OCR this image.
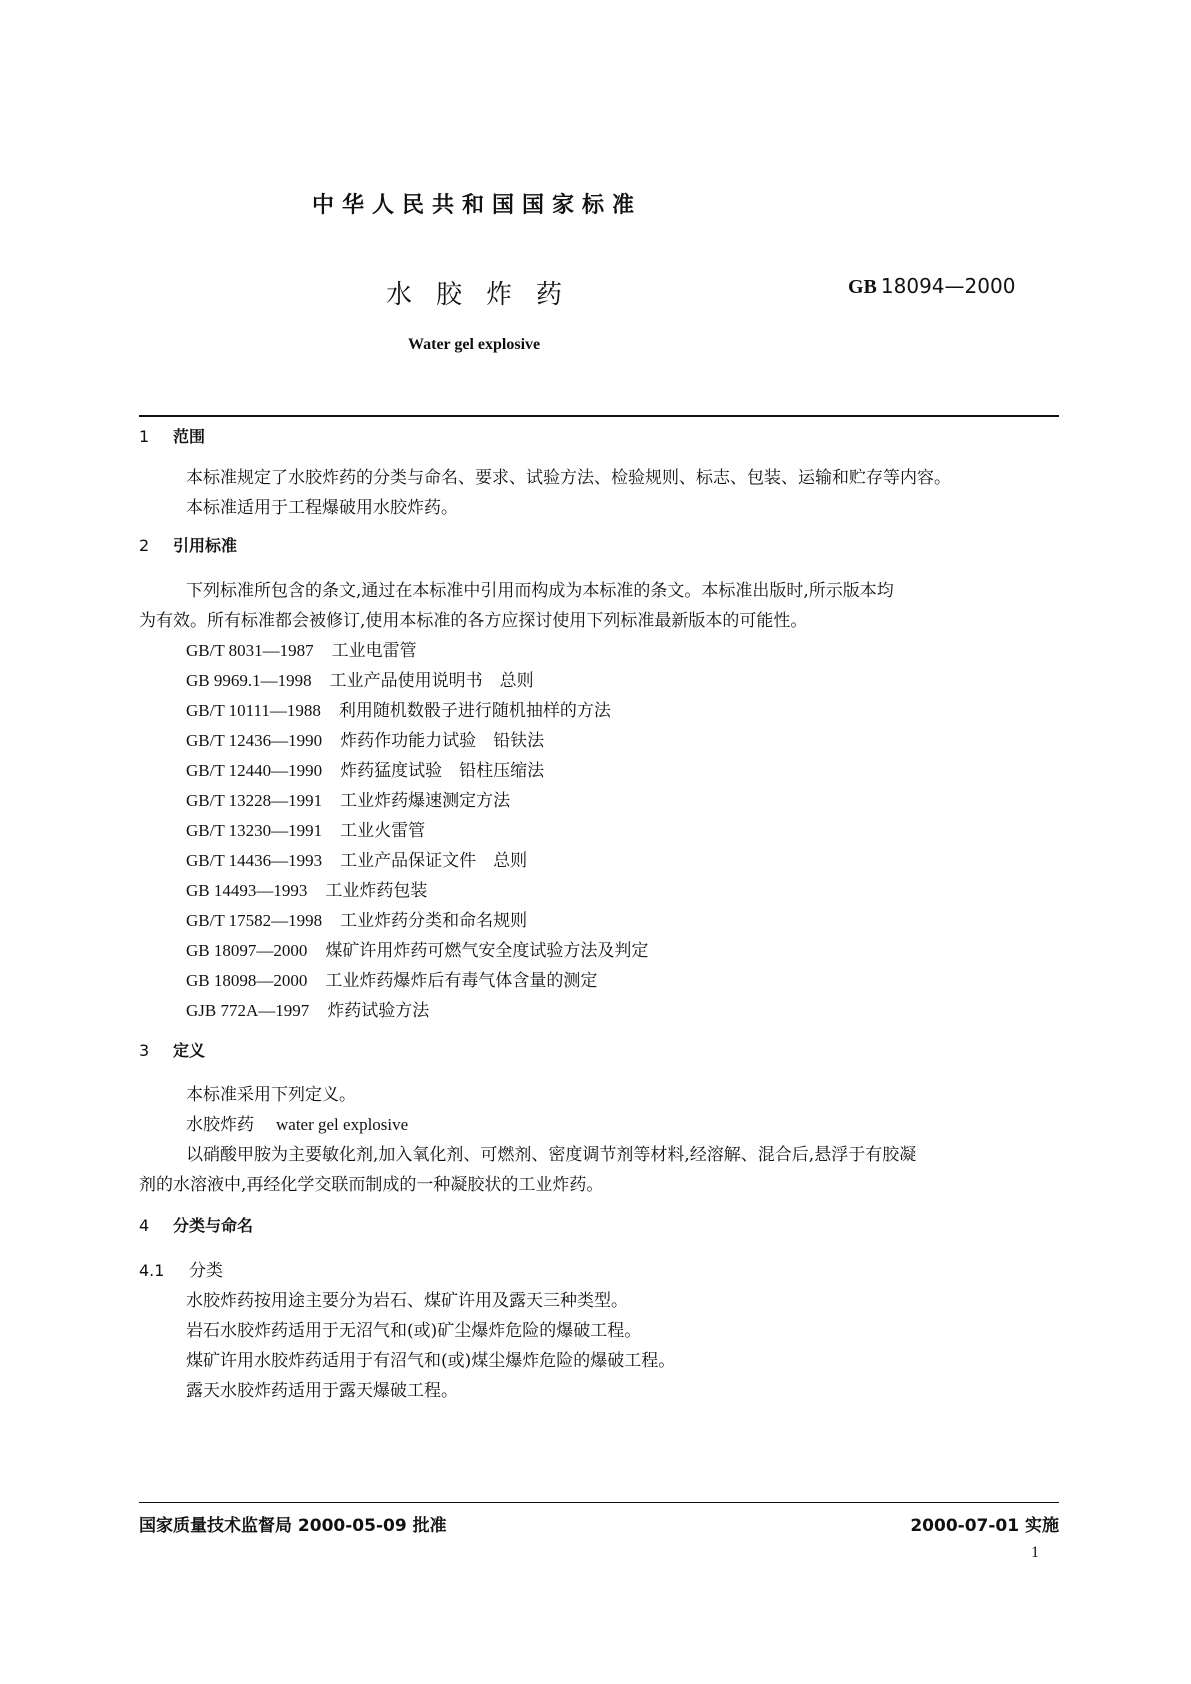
中华人民共和国国家标准
水胶炸药	GB 18094—2000
Water gel explosive
1 范围
本标准规定了水胶炸药的分类与命名、要求、试验方法、检验规则、标志、包装、运输和贮存等内容。
本标准适用于工程爆破用水胶炸药。
2 引用标准
下列标准所包含的条文,通过在本标准中引用而构成为本标准的条文。本标准出版时,所示版本均
为有效。所有标准都会被修订,使用本标准的各方应探讨使用下列标准最新版本的可能性。
GB/T 8031—1987 工业电雷管
GB 9969.1—1998 工业产品使用说明书　总则
GB/T 10111—1988 利用随机数骰子进行随机抽样的方法
GB/T 12436—1990 炸药作功能力试验　铅𫓧法
GB/T 12440—1990 炸药猛度试验　铅柱压缩法
GB/T 13228—1991 工业炸药爆速测定方法
GB/T 13230—1991 工业火雷管
GB/T 14436—1993 工业产品保证文件　总则
GB 14493—1993 工业炸药包装
GB/T 17582—1998 工业炸药分类和命名规则
GB 18097—2000 煤矿许用炸药可燃气安全度试验方法及判定
GB 18098—2000 工业炸药爆炸后有毒气体含量的测定
GJB 772A—1997 炸药试验方法
3 定义
本标准采用下列定义。
水胶炸药 water gel explosive
以硝酸甲胺为主要敏化剂,加入氧化剂、可燃剂、密度调节剂等材料,经溶解、混合后,悬浮于有胶凝
剂的水溶液中,再经化学交联而制成的一种凝胶状的工业炸药。
4 分类与命名
4.1 分类
水胶炸药按用途主要分为岩石、煤矿许用及露天三种类型。
岩石水胶炸药适用于无沼气和(或)矿尘爆炸危险的爆破工程。
煤矿许用水胶炸药适用于有沼气和(或)煤尘爆炸危险的爆破工程。
露天水胶炸药适用于露天爆破工程。
国家质量技术监督局 2000-05-09 批准	2000-07-01 实施
1
